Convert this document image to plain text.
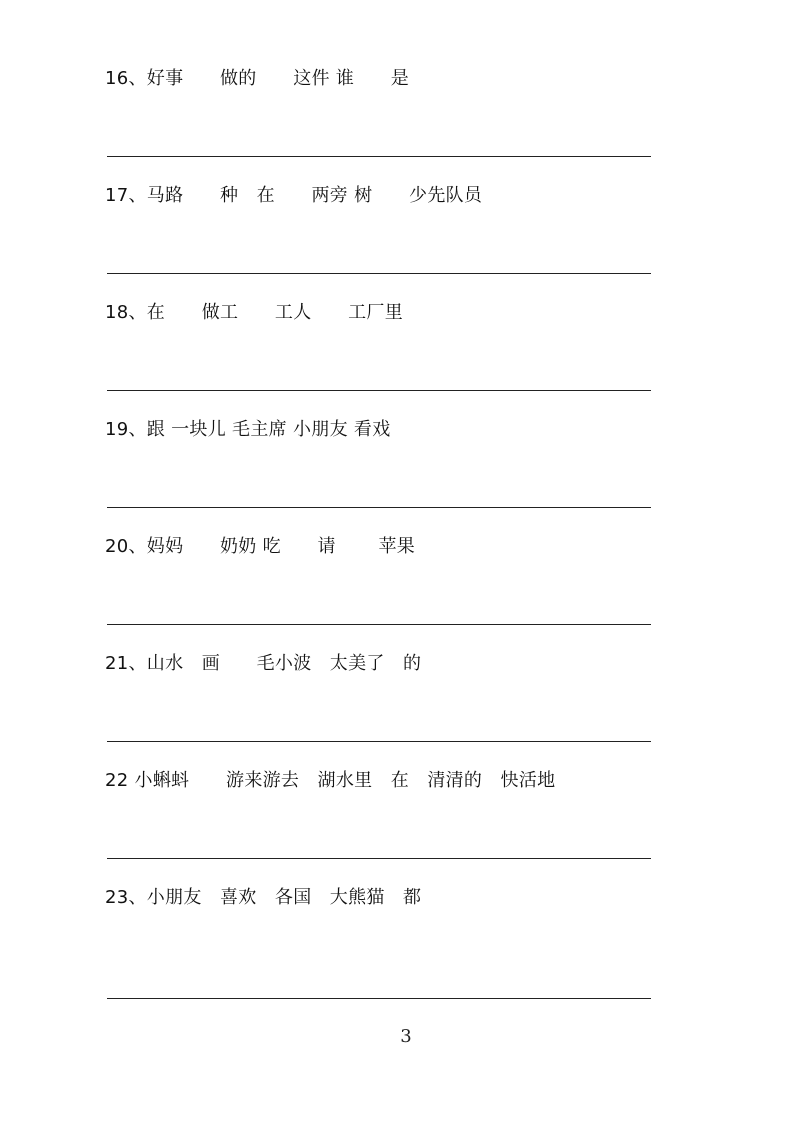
16、好事　　做的　　这件 谁　　是
17、马路　　种　在　　两旁 树　　少先队员
18、在　　做工　　工人　　工厂里
19、跟 一块儿 毛主席 小朋友 看戏
20、妈妈　　奶奶 吃　　请　　 苹果
21、山水　画　　毛小波　太美了　的
22 小蝌蚪　　游来游去　湖水里　在　清清的　快活地
23、小朋友　喜欢　各国　大熊猫　都
3
